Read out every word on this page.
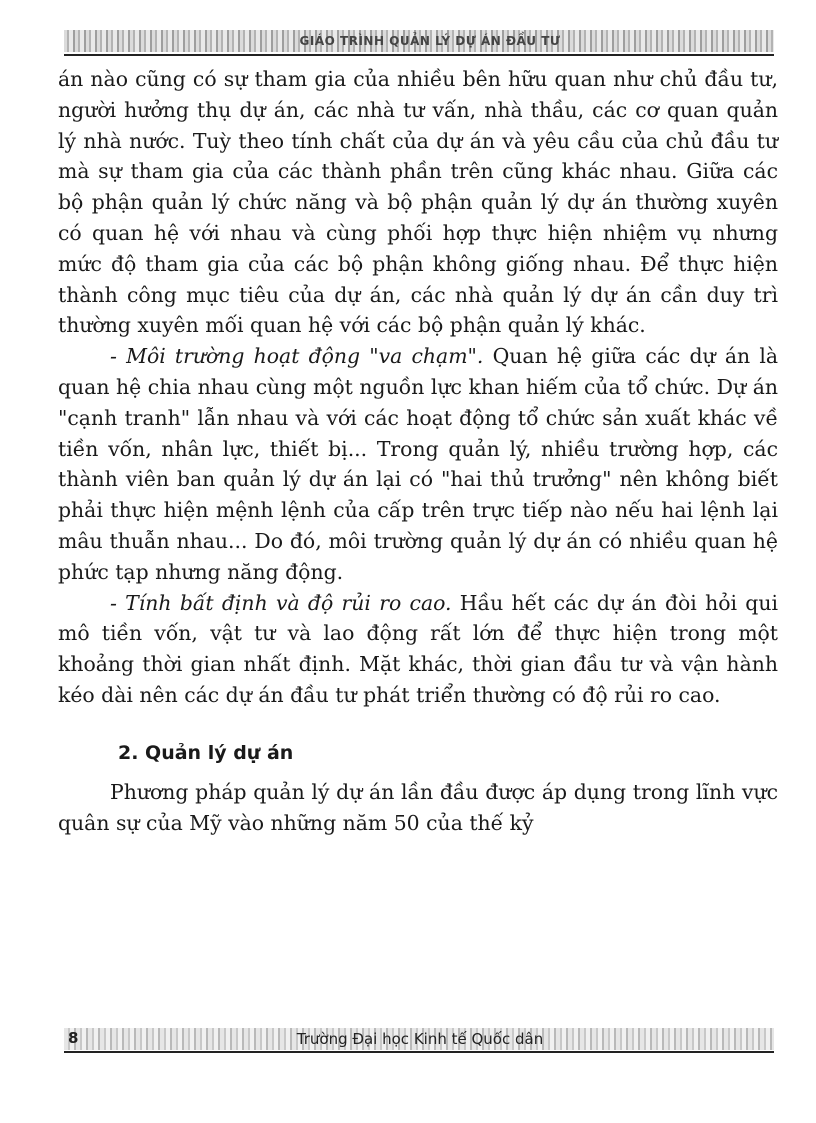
GIÁO TRÌNH QUẢN LÝ DỰ ÁN ĐẦU TƯ

án nào cũng có sự tham gia của nhiều bên hữu quan như chủ đầu tư, người hưởng thụ dự án, các nhà tư vấn, nhà thầu, các cơ quan quản lý nhà nước. Tuỳ theo tính chất của dự án và yêu cầu của chủ đầu tư mà sự tham gia của các thành phần trên cũng khác nhau. Giữa các bộ phận quản lý chức năng và bộ phận quản lý dự án thường xuyên có quan hệ với nhau và cùng phối hợp thực hiện nhiệm vụ nhưng mức độ tham gia của các bộ phận không giống nhau. Để thực hiện thành công mục tiêu của dự án, các nhà quản lý dự án cần duy trì thường xuyên mối quan hệ với các bộ phận quản lý khác.

- Môi trường hoạt động "va chạm". Quan hệ giữa các dự án là quan hệ chia nhau cùng một nguồn lực khan hiếm của tổ chức. Dự án "cạnh tranh" lẫn nhau và với các hoạt động tổ chức sản xuất khác về tiền vốn, nhân lực, thiết bị... Trong quản lý, nhiều trường hợp, các thành viên ban quản lý dự án lại có "hai thủ trưởng" nên không biết phải thực hiện mệnh lệnh của cấp trên trực tiếp nào nếu hai lệnh lại mâu thuẫn nhau... Do đó, môi trường quản lý dự án có nhiều quan hệ phức tạp nhưng năng động.

- Tính bất định và độ rủi ro cao. Hầu hết các dự án đòi hỏi qui mô tiền vốn, vật tư và lao động rất lớn để thực hiện trong một khoảng thời gian nhất định. Mặt khác, thời gian đầu tư và vận hành kéo dài nên các dự án đầu tư phát triển thường có độ rủi ro cao.

2. Quản lý dự án

Phương pháp quản lý dự án lần đầu được áp dụng trong lĩnh vực quân sự của Mỹ vào những năm 50 của thế kỷ

8	Trường Đại học Kinh tế Quốc dân
